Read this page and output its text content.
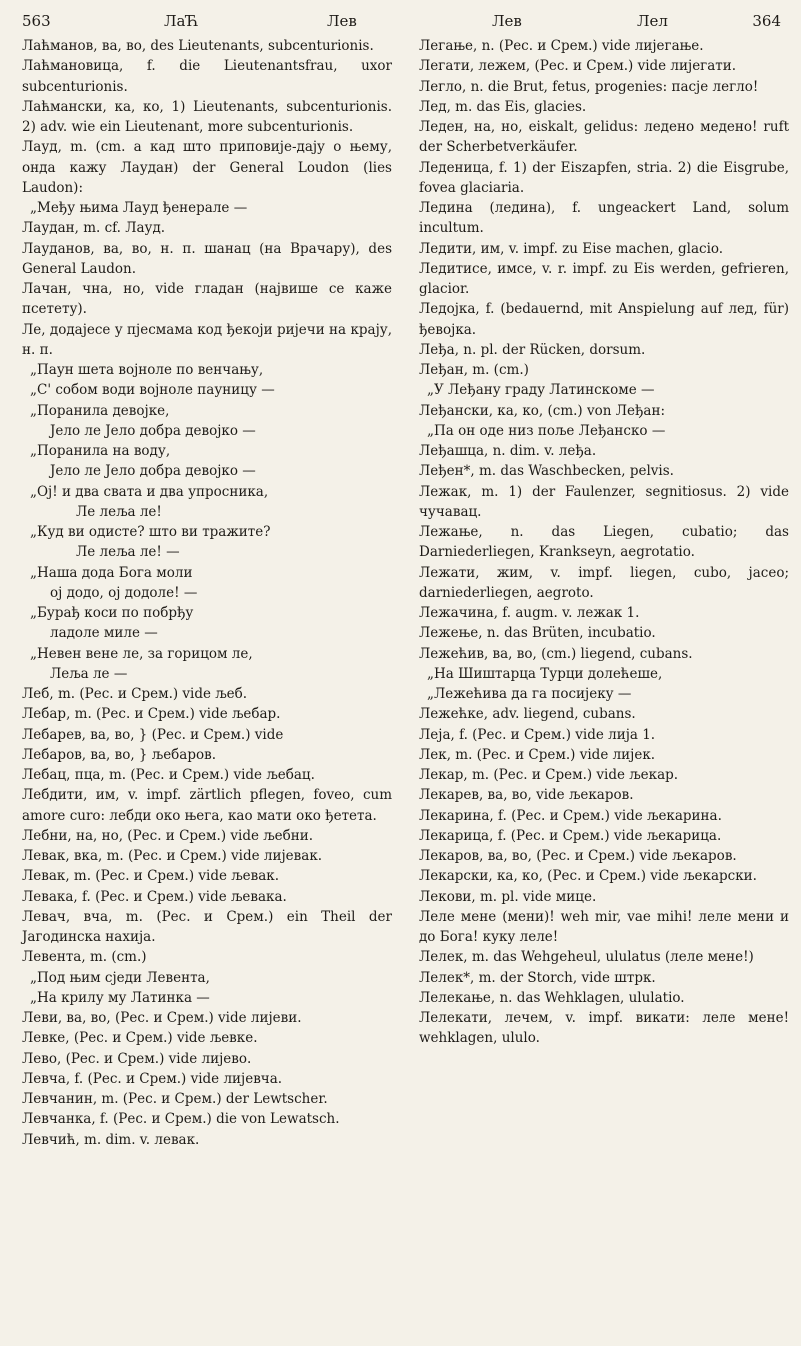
563	ЛаЋ	Лев	Лев	Лел	364

Лаћманов, ва, во, des Lieutenants, subcenturionis.

Лаћмановица, f. die Lieutenantsfrau, uxor subcenturionis.

Лаћмански, ка, ко, 1) Lieutenants, subcenturionis. 2) adv. wie ein Lieutenant, more subcenturionis.

Лауд, m. (cm. а кад што приповије-дају о њему, онда кажу Лаудан) der General Loudon (lies Laudon):

„Међу њима Лауд ђенерале —

Лаудан, m. cf. Лауд.

Лауданов, ва, во, н. п. шанац (на Врачару), des General Laudon.

Лачан, чна, но, vide гладан (највише се каже псетету).

Ле, додајесе у пјесмама код ђекоји ријечи на крају, н. п.

„Паун шета војноле по венчању,

„С' собом води војноле пауницу —

„Поранила девојке,

Јело ле Јело добра девојко —

„Поранила на воду,

Јело ле Јело добра девојко —

„Ој! и два свата и два упросника,

Ле леља ле!

„Куд ви одисте? што ви тражите?

Ле леља ле! —

„Наша дода Бога моли

ој додо, ој додоле! —

„Бурађ коси по побрђу

ладоле миле —

„Невен вене ле, за горицом ле,

Леља ле —

Леб, m. (Рес. и Срем.) vide љеб.

Лебар, m. (Рес. и Срем.) vide љебар.

Лебарев, ва, во, } (Рес. и Срем.) vide

Лебаров, ва, во, } љебаров.

Лебац, пца, m. (Рес. и Срем.) vide љебац.

Лебдити, им, v. impf. zärtlich pflegen, foveo, cum amore curo: лебди око њега, као мати око ђетета.

Лебни, на, но, (Рес. и Срем.) vide љебни.

Левак, вка, m. (Рес. и Срем.) vide лијевак.

Левак, m. (Рес. и Срем.) vide љевак.

Левака, f. (Рес. и Срем.) vide љевака.

Левач, вча, m. (Рес. и Срем.) ein Theil der Јагодинска нахија.

Левента, m. (cm.)

„Под њим сједи Левента,

„На крилу му Латинка —

Леви, ва, во, (Рес. и Срем.) vide лијеви.

Левке, (Рес. и Срем.) vide љевке.

Лево, (Рес. и Срем.) vide лијево.

Левча, f. (Рес. и Срем.) vide лијевча.

Левчанин, m. (Рес. и Срем.) der Lewtscher.

Левчанка, f. (Рес. и Срем.) die von Lewatsch.

Левчић, m. dim. v. левак.

Легање, n. (Рес. и Срем.) vide лијегање.

Легати, лежем, (Рес. и Срем.) vide лијегати.

Легло, n. die Brut, fetus, progenies: пасје легло!

Лед, m. das Eis, glacies.

Леден, на, но, eiskalt, gelidus: ледено медено! ruft der Scherbetverkäufer.

Леденица, f. 1) der Eiszapfen, stria. 2) die Eisgrube, fovea glaciaria.

Ледина (ледина), f. ungeackert Land, solum incultum.

Ледити, им, v. impf. zu Eise machen, glacio.

Ледитисе, имсе, v. r. impf. zu Eis werden, gefrieren, glacior.

Ледојка, f. (bedauernd, mit Anspielung auf лед, für) ђевојка.

Леђа, n. pl. der Rücken, dorsum.

Леђан, m. (cm.)

„У Леђану граду Латинскоме —

Леђански, ка, ко, (cm.) von Леђан:

„Па он оде низ поље Леђанско —

Леђашца, n. dim. v. леђа.

Леђен*, m. das Waschbecken, pelvis.

Лежак, m. 1) der Faulenzer, segnitiosus. 2) vide чучавац.

Лежање, n. das Liegen, cubatio; das Darniederliegen, Krankseyn, aegrotatio.

Лежати, жим, v. impf. liegen, cubo, jaceo; darniederliegen, aegroto.

Лежачина, f. augm. v. лежак 1.

Лежење, n. das Brüten, incubatio.

Лежећив, ва, во, (cm.) liegend, cubans.

„На Шиштарца Турци долећеше,

„Лежећива да га посијеку —

Лежећке, adv. liegend, cubans.

Леја, f. (Рес. и Срем.) vide лија 1.

Лек, m. (Рес. и Срем.) vide лијек.

Лекар, m. (Рес. и Срем.) vide љекар.

Лекарев, ва, во, vide љекаров.

Лекарина, f. (Рес. и Срем.) vide љекарина.

Лекарица, f. (Рес. и Срем.) vide љекарица.

Лекаров, ва, во, (Рес. и Срем.) vide љекаров.

Лекарски, ка, ко, (Рес. и Срем.) vide љекарски.

Лекови, m. pl. vide мице.

Леле мене (мени)! weh mir, vae mihi! леле мени и до Бога! куку леле!

Лелек, m. das Wehgeheul, ululatus (леле мене!)

Лелек*, m. der Storch, vide штрк.

Лелекање, n. das Wehklagen, ululatio.

Лелекати, лечем, v. impf. викати: леле мене! wehklagen, ululo.
